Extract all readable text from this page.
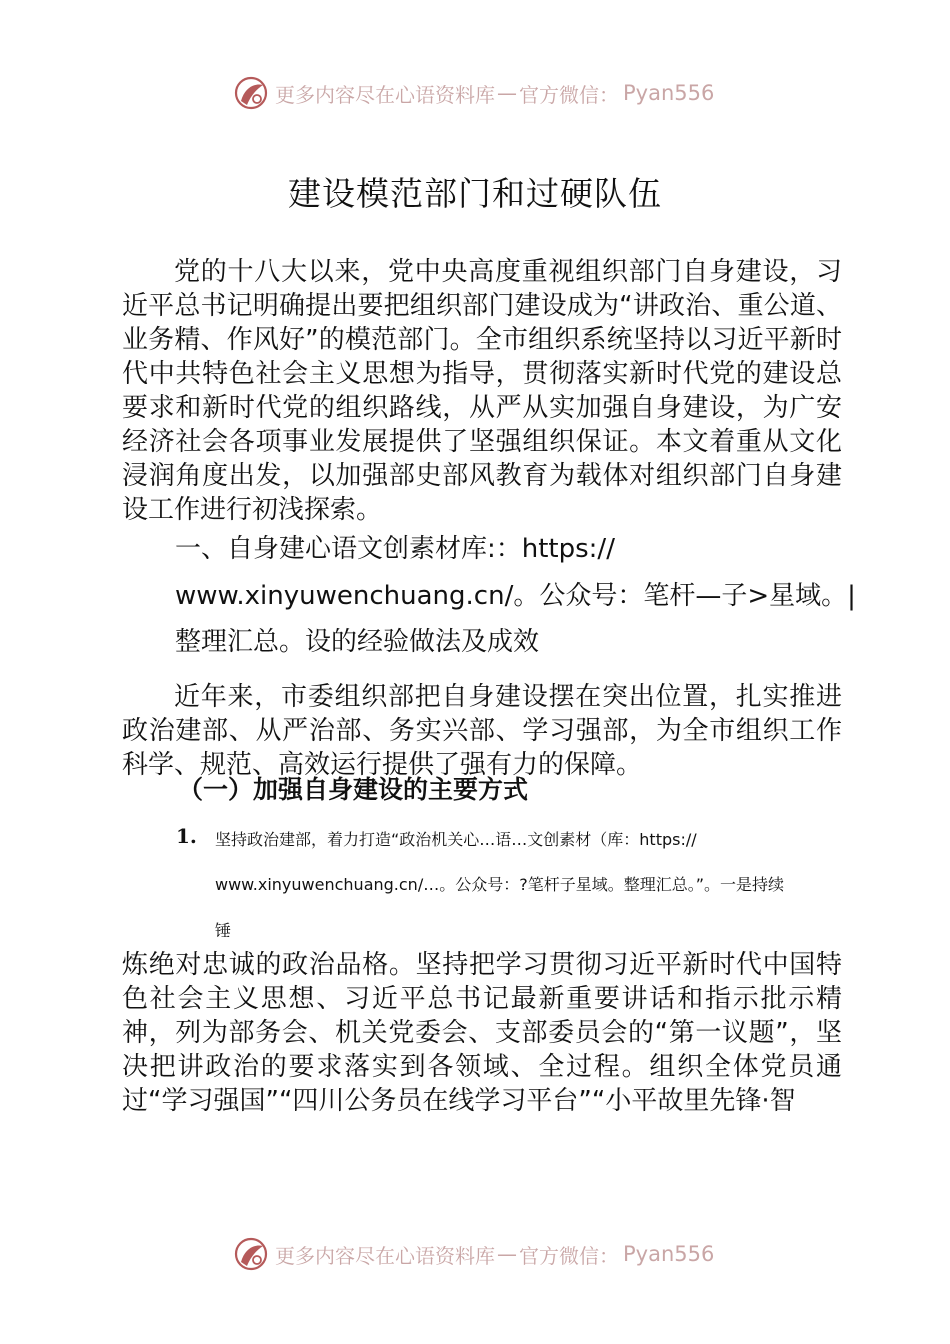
更多内容尽在心语资料库 — 官方微信： Pyan556
建设模范部门和过硬队伍

党的十八大以来，党中央高度重视组织部门自身建设，习近平总书记明确提出要把组织部门建设成为“讲政治、重公道、业务精、作风好”的模范部门。全市组织系统坚持以习近平新时代中共特色社会主义思想为指导，贯彻落实新时代党的建设总要求和新时代党的组织路线，从严从实加强自身建设，为广安经济社会各项事业发展提供了坚强组织保证。本文着重从文化浸润角度出发，以加强部史部风教育为载体对组织部门自身建设工作进行初浅探索。

一、自身建心语文创素材库:：https://

www.xinyuwenchuang.cn/。公众号：笔杆—子>星域。|

整理汇总。设的经验做法及成效

近年来，市委组织部把自身建设摆在突出位置，扎实推进政治建部、从严治部、务实兴部、学习强部，为全市组织工作科学、规范、高效运行提供了强有力的保障。

（一）加强自身建设的主要方式
1. 坚持政治建部，着力打造“政治机关心…语…文创素材（库：https://

www.xinyuwenchuang.cn/…。公众号：?笔杆子星域。整理汇总。”。一是持续

锤

炼绝对忠诚的政治品格。坚持把学习贯彻习近平新时代中国特色社会主义思想、习近平总书记最新重要讲话和指示批示精神，列为部务会、机关党委会、支部委员会的“第一议题”，坚决把讲政治的要求落实到各领域、全过程。组织全体党员通过“学习强国”“四川公务员在线学习平台”“小平故里先锋·智

更多内容尽在心语资料库 — 官方微信： Pyan556
